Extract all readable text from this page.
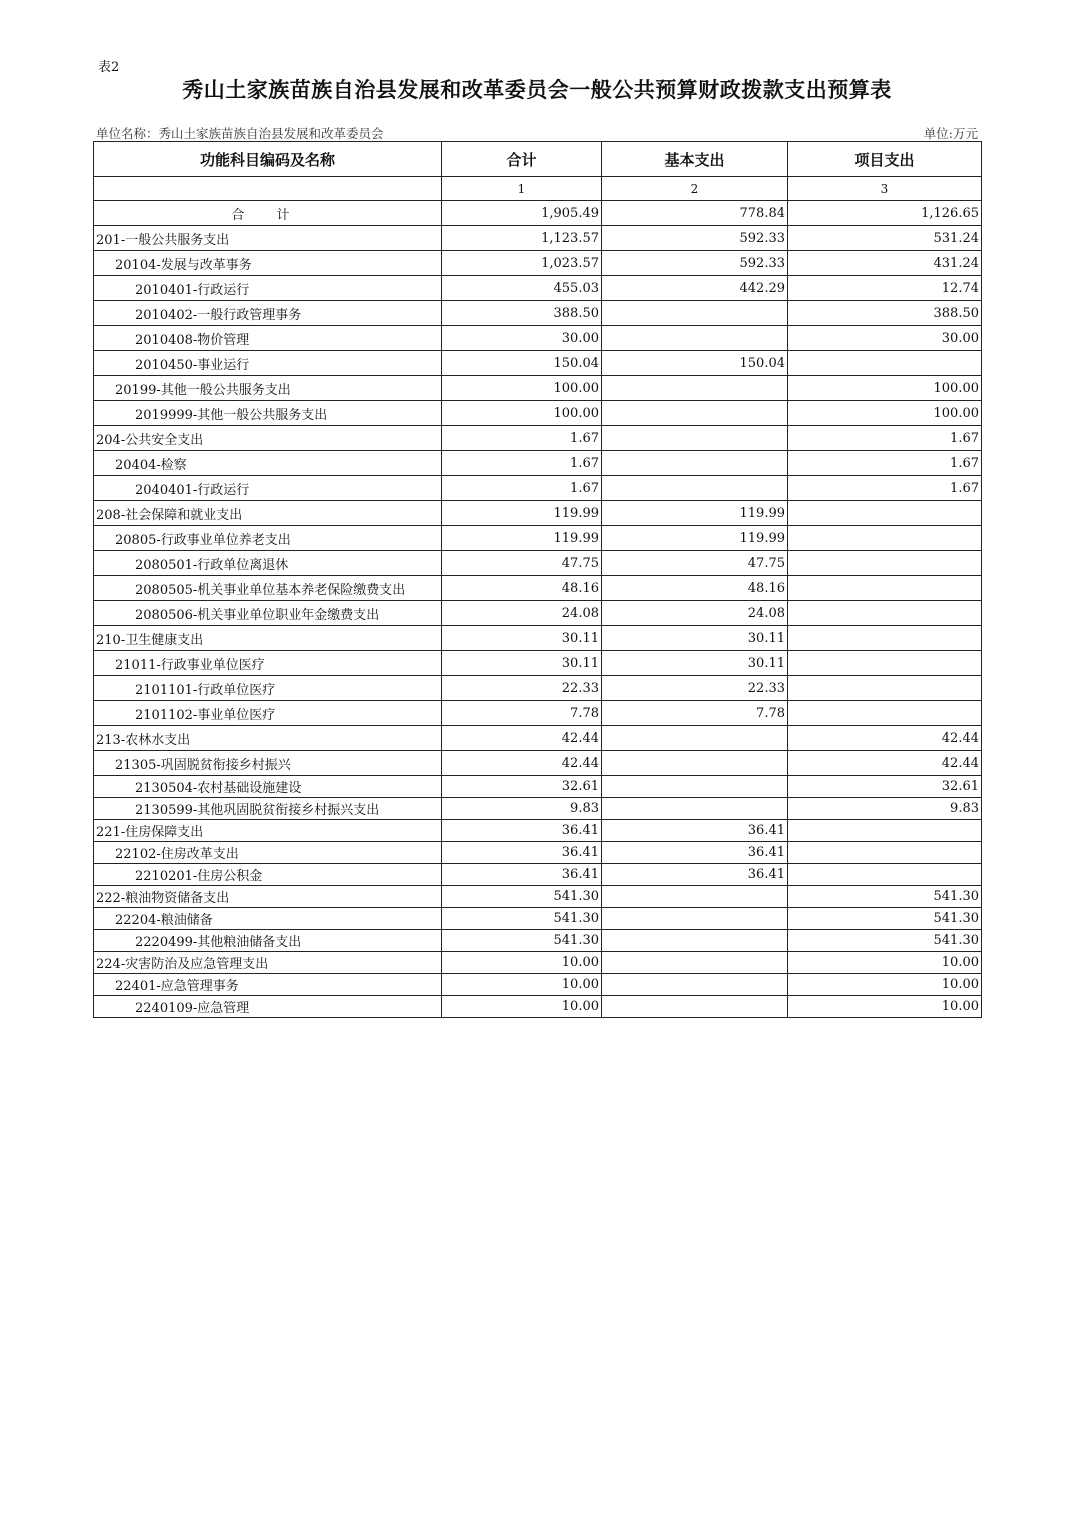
表2
秀山土家族苗族自治县发展和改革委员会一般公共预算财政拨款支出预算表
单位名称：秀山土家族苗族自治县发展和改革委员会	单位:万元
功能科目编码及名称	合计	基本支出	项目支出
	1	2	3
合 计	1,905.49	778.84	1,126.65
201-一般公共服务支出	1,123.57	592.33	531.24
20104-发展与改革事务	1,023.57	592.33	431.24
2010401-行政运行	455.03	442.29	12.74
2010402-一般行政管理事务	388.50		388.50
2010408-物价管理	30.00		30.00
2010450-事业运行	150.04	150.04	
20199-其他一般公共服务支出	100.00		100.00
2019999-其他一般公共服务支出	100.00		100.00
204-公共安全支出	1.67		1.67
20404-检察	1.67		1.67
2040401-行政运行	1.67		1.67
208-社会保障和就业支出	119.99	119.99	
20805-行政事业单位养老支出	119.99	119.99	
2080501-行政单位离退休	47.75	47.75	
2080505-机关事业单位基本养老保险缴费支出	48.16	48.16	
2080506-机关事业单位职业年金缴费支出	24.08	24.08	
210-卫生健康支出	30.11	30.11	
21011-行政事业单位医疗	30.11	30.11	
2101101-行政单位医疗	22.33	22.33	
2101102-事业单位医疗	7.78	7.78	
213-农林水支出	42.44		42.44
21305-巩固脱贫衔接乡村振兴	42.44		42.44
2130504-农村基础设施建设	32.61		32.61
2130599-其他巩固脱贫衔接乡村振兴支出	9.83		9.83
221-住房保障支出	36.41	36.41	
22102-住房改革支出	36.41	36.41	
2210201-住房公积金	36.41	36.41	
222-粮油物资储备支出	541.30		541.30
22204-粮油储备	541.30		541.30
2220499-其他粮油储备支出	541.30		541.30
224-灾害防治及应急管理支出	10.00		10.00
22401-应急管理事务	10.00		10.00
2240109-应急管理	10.00		10.00
